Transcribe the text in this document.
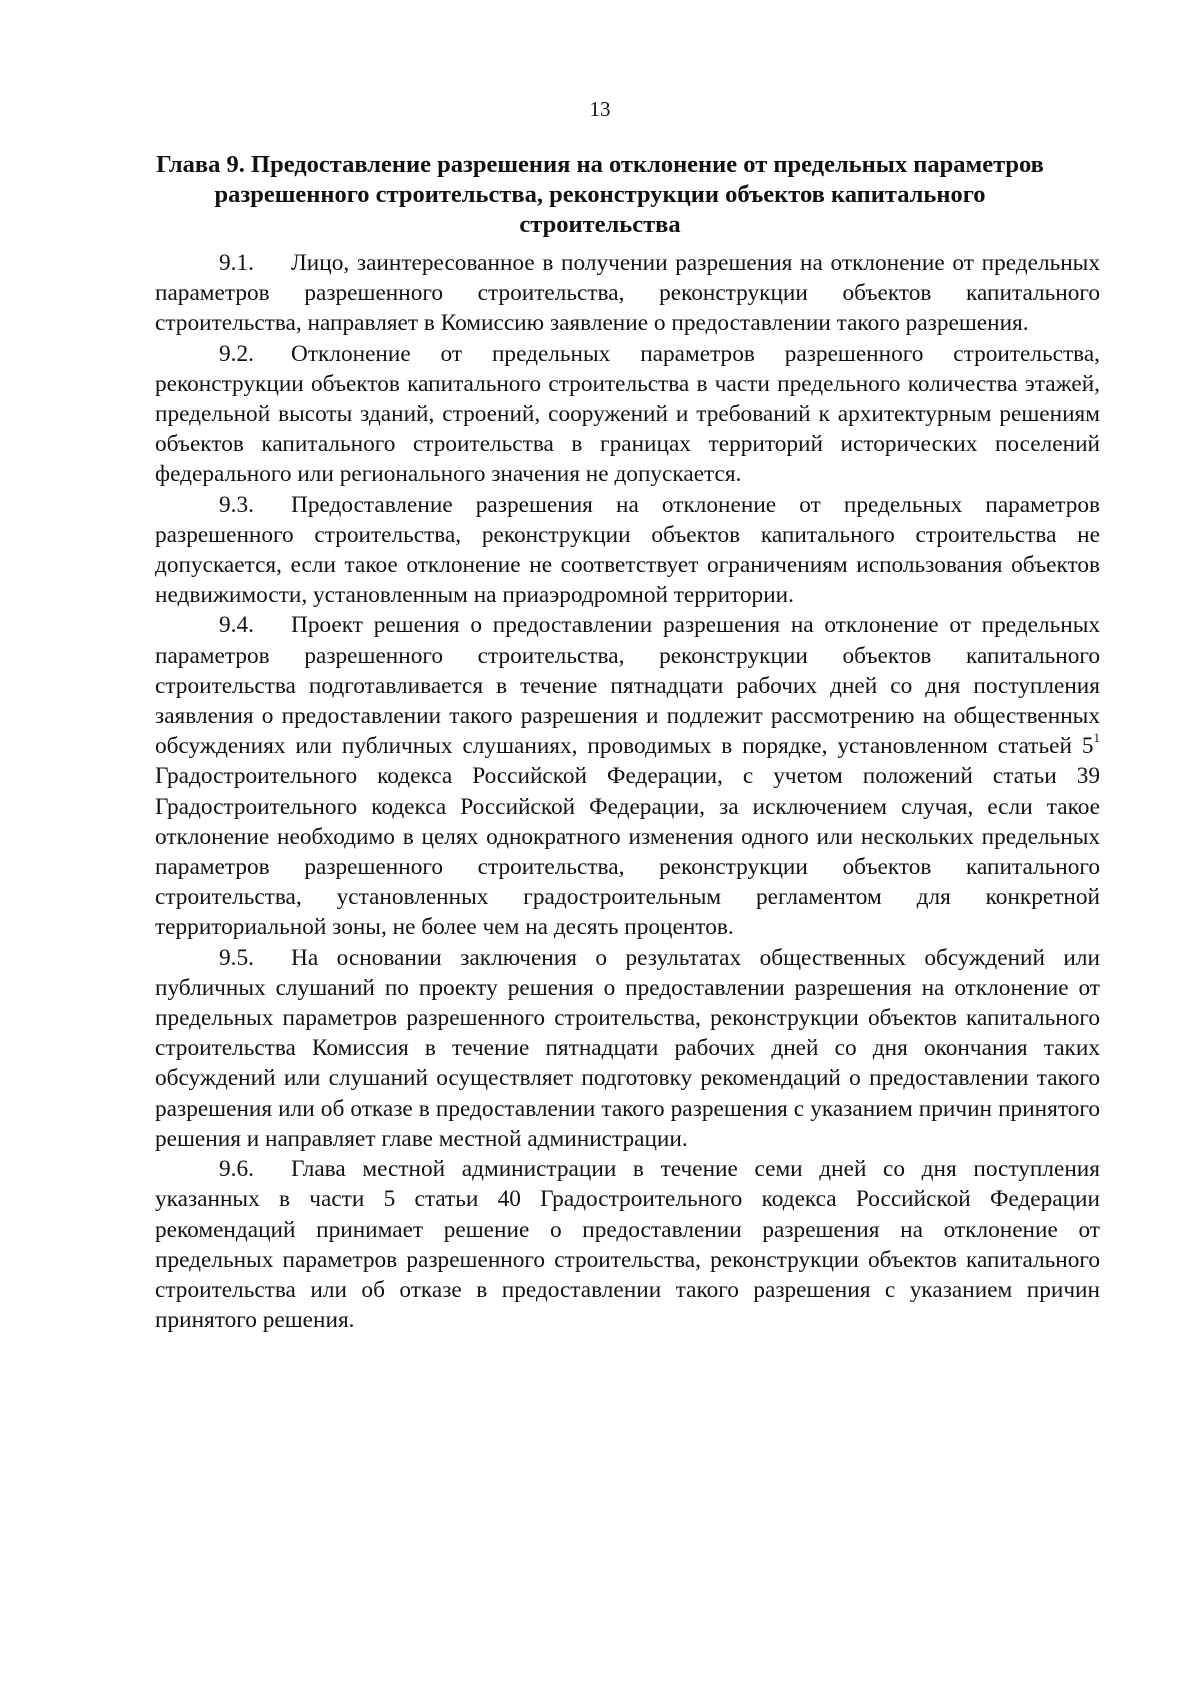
13
Глава 9. Предоставление разрешения на отклонение от предельных параметров разрешенного строительства, реконструкции объектов капитального строительства

9.1. Лицо, заинтересованное в получении разрешения на отклонение от предельных параметров разрешенного строительства, реконструкции объектов капитального строительства, направляет в Комиссию заявление о предоставлении такого разрешения.

9.2. Отклонение от предельных параметров разрешенного строительства, реконструкции объектов капитального строительства в части предельного количества этажей, предельной высоты зданий, строений, сооружений и требований к архитектурным решениям объектов капитального строительства в границах территорий исторических поселений федерального или регионального значения не допускается.

9.3. Предоставление разрешения на отклонение от предельных параметров разрешенного строительства, реконструкции объектов капитального строительства не допускается, если такое отклонение не соответствует ограничениям использования объектов недвижимости, установленным на приаэродромной территории.

9.4. Проект решения о предоставлении разрешения на отклонение от предельных параметров разрешенного строительства, реконструкции объектов капитального строительства подготавливается в течение пятнадцати рабочих дней со дня поступления заявления о предоставлении такого разрешения и подлежит рассмотрению на общественных обсуждениях или публичных слушаниях, проводимых в порядке, установленном статьей $5^1$ Градостроительного кодекса Российской Федерации, с учетом положений статьи 39 Градостроительного кодекса Российской Федерации, за исключением случая, если такое отклонение необходимо в целях однократного изменения одного или нескольких предельных параметров разрешенного строительства, реконструкции объектов капитального строительства, установленных градостроительным регламентом для конкретной территориальной зоны, не более чем на десять процентов.

9.5. На основании заключения о результатах общественных обсуждений или публичных слушаний по проекту решения о предоставлении разрешения на отклонение от предельных параметров разрешенного строительства, реконструкции объектов капитального строительства Комиссия в течение пятнадцати рабочих дней со дня окончания таких обсуждений или слушаний осуществляет подготовку рекомендаций о предоставлении такого разрешения или об отказе в предоставлении такого разрешения с указанием причин принятого решения и направляет главе местной администрации.

9.6. Глава местной администрации в течение семи дней со дня поступления указанных в части 5 статьи 40 Градостроительного кодекса Российской Федерации рекомендаций принимает решение о предоставлении разрешения на отклонение от предельных параметров разрешенного строительства, реконструкции объектов капитального строительства или об отказе в предоставлении такого разрешения с указанием причин принятого решения.
